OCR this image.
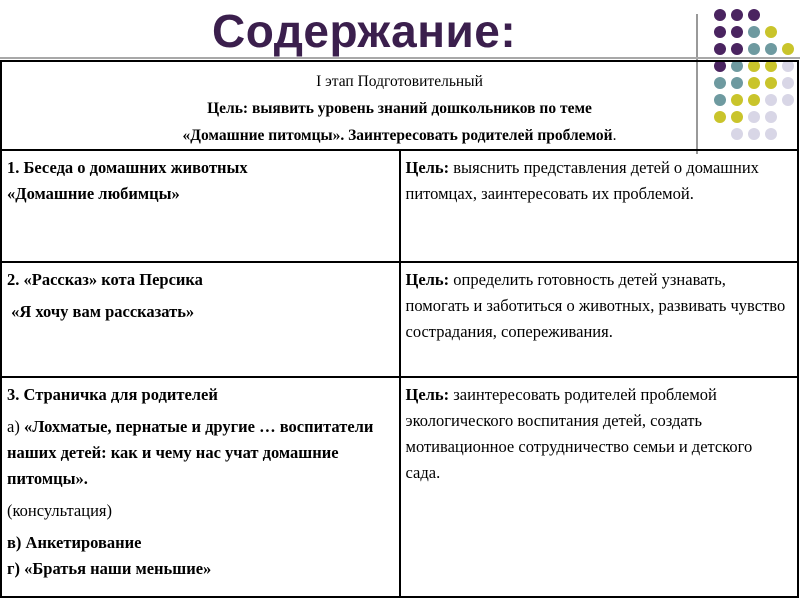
Содержание:
I этап Подготовительный
Цель: выявить уровень знаний дошкольников по теме
«Домашние питомцы». Заинтересовать родителей проблемой.	

1. Беседа о домашних животных
«Домашние любимцы»	Цель: выяснить представления детей о домашних питомцах, заинтересовать их проблемой.

2. «Рассказ» кота Персика
«Я хочу вам рассказать»	Цель: определить готовность детей узнавать, помогать и заботиться о животных, развивать чувство сострадания, сопереживания.

3. Страничка для родителей
а) «Лохматые, пернатые и другие … воспитатели наших детей: как и чему нас учат домашние питомцы».
(консультация)
в) Анкетирование
г) «Братья наши меньшие»	Цель: заинтересовать родителей проблемой экологического воспитания детей, создать мотивационное сотрудничество семьи и детского сада.
